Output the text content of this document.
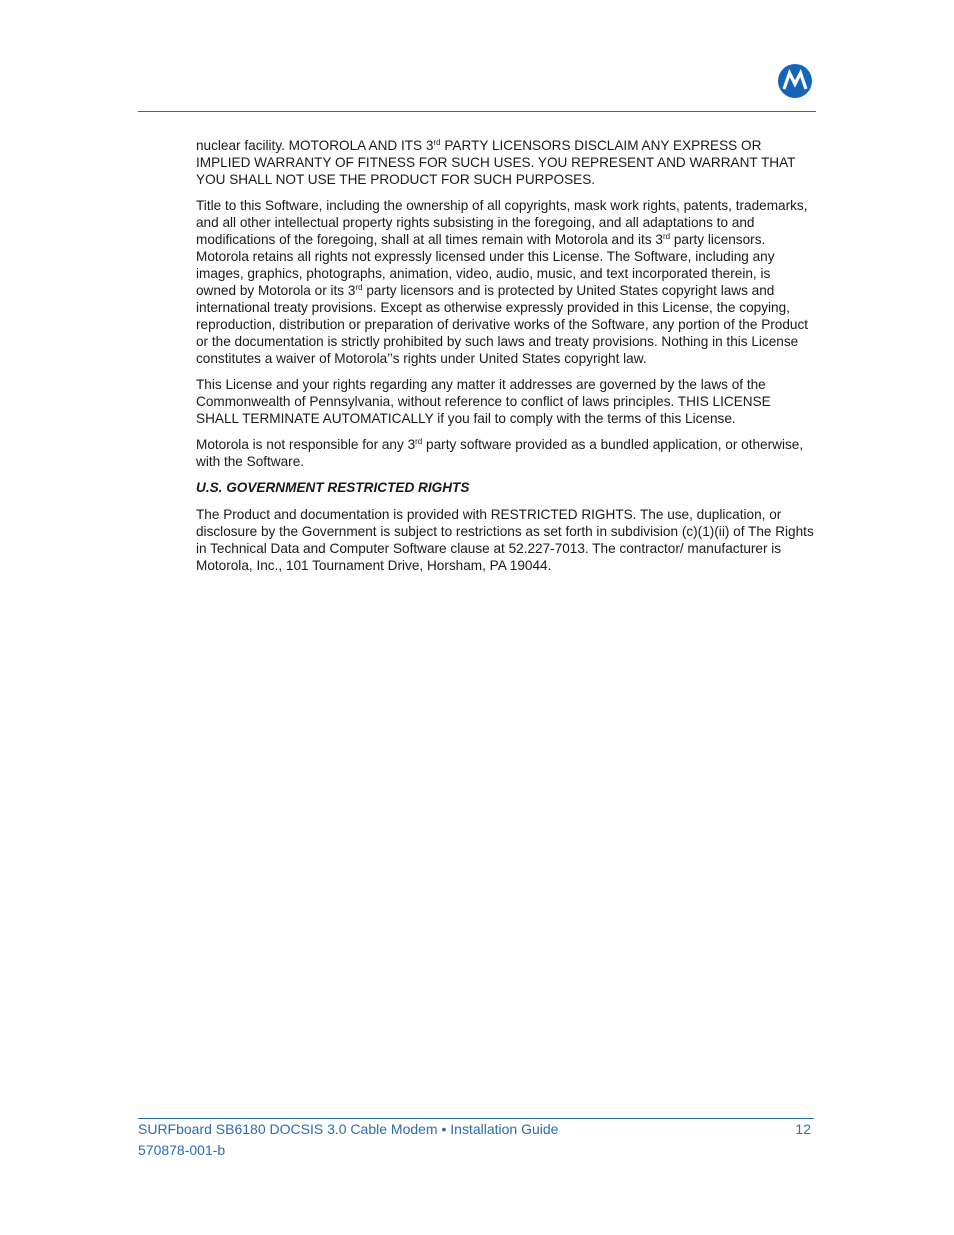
nuclear facility. MOTOROLA AND ITS 3rd PARTY LICENSORS DISCLAIM ANY EXPRESS OR IMPLIED WARRANTY OF FITNESS FOR SUCH USES. YOU REPRESENT AND WARRANT THAT YOU SHALL NOT USE THE PRODUCT FOR SUCH PURPOSES.

Title to this Software, including the ownership of all copyrights, mask work rights, patents, trademarks, and all other intellectual property rights subsisting in the foregoing, and all adaptations to and modifications of the foregoing, shall at all times remain with Motorola and its 3rd party licensors. Motorola retains all rights not expressly licensed under this License. The Software, including any images, graphics, photographs, animation, video, audio, music, and text incorporated therein, is owned by Motorola or its 3rd party licensors and is protected by United States copyright laws and international treaty provisions. Except as otherwise expressly provided in this License, the copying, reproduction, distribution or preparation of derivative works of the Software, any portion of the Product or the documentation is strictly prohibited by such laws and treaty provisions. Nothing in this License constitutes a waiver of Motorola’’s rights under United States copyright law.

This License and your rights regarding any matter it addresses are governed by the laws of the Commonwealth of Pennsylvania, without reference to conflict of laws principles. THIS LICENSE SHALL TERMINATE AUTOMATICALLY if you fail to comply with the terms of this License.

Motorola is not responsible for any 3rd party software provided as a bundled application, or otherwise, with the Software.

U.S. GOVERNMENT RESTRICTED RIGHTS

The Product and documentation is provided with RESTRICTED RIGHTS. The use, duplication, or disclosure by the Government is subject to restrictions as set forth in subdivision (c)(1)(ii) of The Rights in Technical Data and Computer Software clause at 52.227-7013. The contractor/ manufacturer is Motorola, Inc., 101 Tournament Drive, Horsham, PA 19044.

SURFboard SB6180 DOCSIS 3.0 Cable Modem • Installation Guide	12
570878-001-b
